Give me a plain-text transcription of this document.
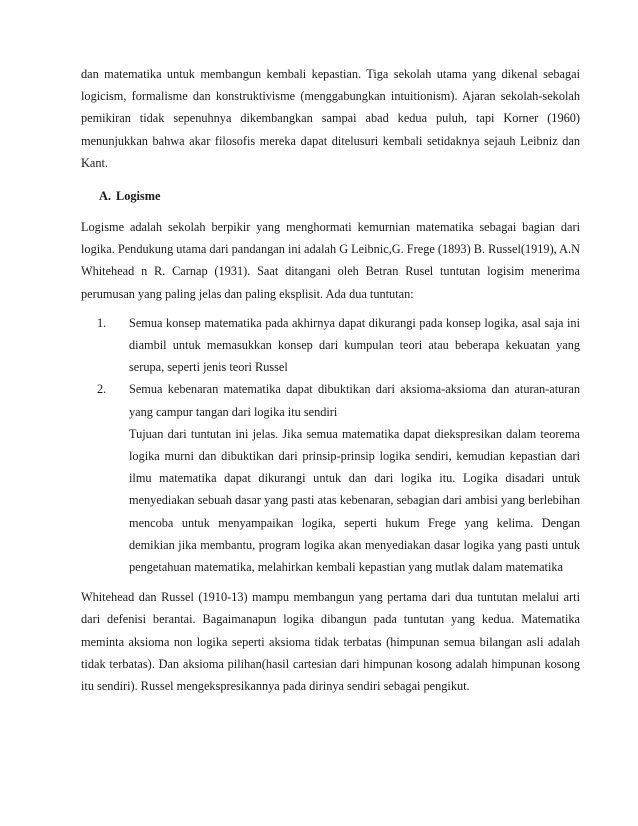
dan matematika untuk membangun kembali kepastian. Tiga sekolah utama yang dikenal sebagai logicism, formalisme dan konstruktivisme (menggabungkan intuitionism). Ajaran sekolah-sekolah pemikiran tidak sepenuhnya dikembangkan sampai abad kedua puluh, tapi Korner (1960) menunjukkan bahwa akar filosofis mereka dapat ditelusuri kembali setidaknya sejauh Leibniz dan Kant.

A. Logisme

Logisme adalah sekolah berpikir yang menghormati kemurnian matematika sebagai bagian dari logika. Pendukung utama dari pandangan ini adalah G Leibnic,G. Frege (1893) B. Russel(1919), A.N Whitehead n R. Carnap (1931). Saat ditangani oleh Betran Rusel tuntutan logisim menerima perumusan yang paling jelas dan paling eksplisit. Ada dua tuntutan:

1. Semua konsep matematika pada akhirnya dapat dikurangi pada konsep logika, asal saja ini diambil untuk memasukkan konsep dari kumpulan teori atau beberapa kekuatan yang serupa, seperti jenis teori Russel

2. Semua kebenaran matematika dapat dibuktikan dari aksioma-aksioma dan aturan-aturan yang campur tangan dari logika itu sendiri

Tujuan dari tuntutan ini jelas. Jika semua matematika dapat diekspresikan dalam teorema logika murni dan dibuktikan dari prinsip-prinsip logika sendiri, kemudian kepastian dari ilmu matematika dapat dikurangi untuk dan dari logika itu. Logika disadari untuk menyediakan sebuah dasar yang pasti atas kebenaran, sebagian dari ambisi yang berlebihan mencoba untuk menyampaikan logika, seperti hukum Frege yang kelima. Dengan demikian jika membantu, program logika akan menyediakan dasar logika yang pasti untuk pengetahuan matematika, melahirkan kembali kepastian yang mutlak dalam matematika

Whitehead dan Russel (1910-13) mampu membangun yang pertama dari dua tuntutan melalui arti dari defenisi berantai. Bagaimanapun logika dibangun pada tuntutan yang kedua. Matematika meminta aksioma non logika seperti aksioma tidak terbatas (himpunan semua bilangan asli adalah tidak terbatas). Dan aksioma pilihan(hasil cartesian dari himpunan kosong adalah himpunan kosong itu sendiri). Russel mengekspresikannya pada dirinya sendiri sebagai pengikut.
